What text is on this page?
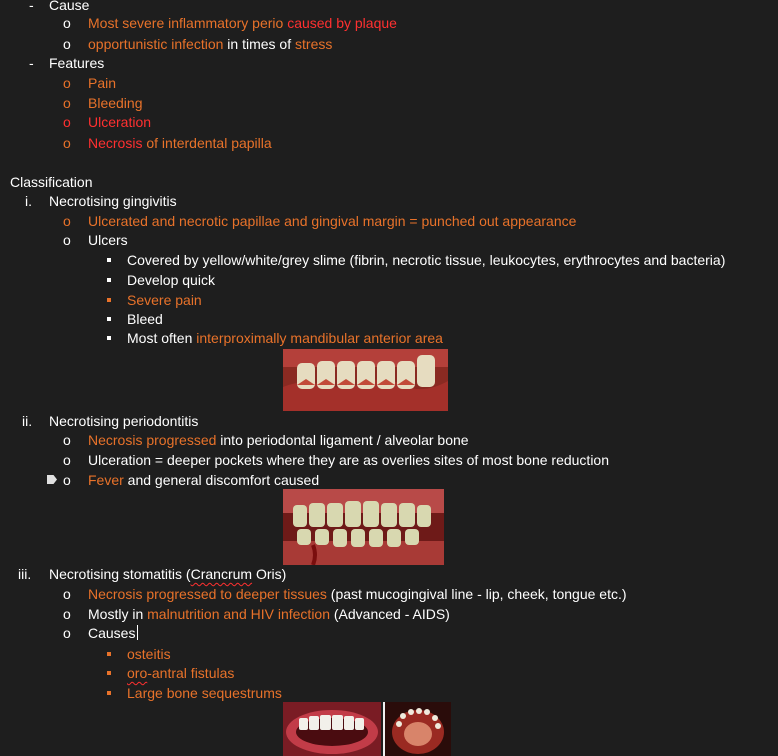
- Cause
o Most severe inflammatory perio caused by plaque
o opportunistic infection in times of stress
- Features
o Pain
o Bleeding
o Ulceration
o Necrosis of interdental papilla
Classification
i. Necrotising gingivitis
o Ulcerated and necrotic papillae and gingival margin = punched out appearance
o Ulcers
Covered by yellow/white/grey slime (fibrin, necrotic tissue, leukocytes, erythrocytes and bacteria)
Develop quick
Severe pain
Bleed
Most often interproximally mandibular anterior area
ii. Necrotising periodontitis
o Necrosis progressed into periodontal ligament / alveolar bone
o Ulceration = deeper pockets where they are as overlies sites of most bone reduction
o Fever and general discomfort caused
iii. Necrotising stomatitis (Crancrum Oris)
o Necrosis progressed to deeper tissues (past mucogingival line - lip, cheek, tongue etc.)
o Mostly in malnutrition and HIV infection (Advanced - AIDS)
o Causes
osteitis
oro-antral fistulas
Large bone sequestrums
